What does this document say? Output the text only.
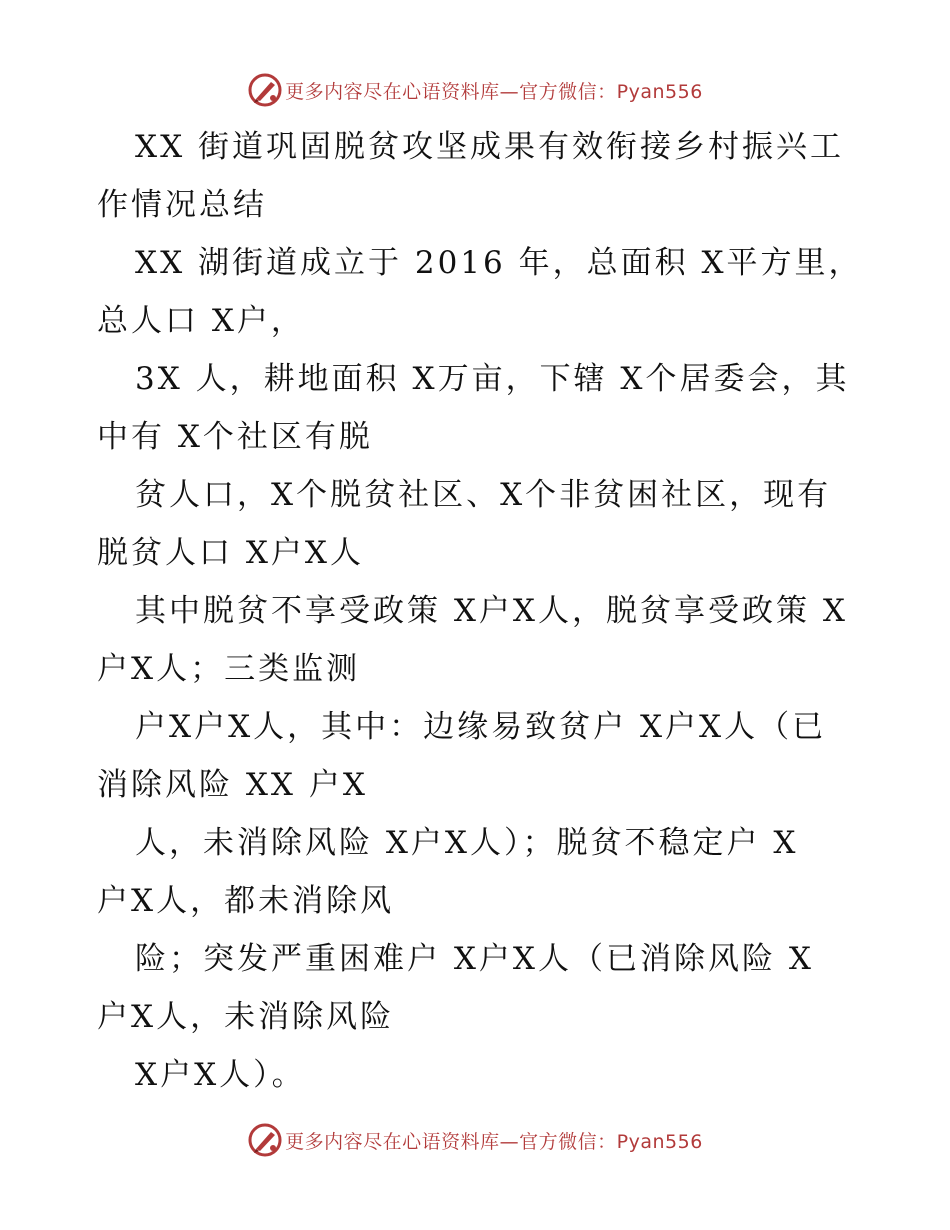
更多内容尽在心语资料库—官方微信：Pyan556

XX 街道巩固脱贫攻坚成果有效衔接乡村振兴工
作情况总结

XX 湖街道成立于 2016 年，总面积 X平方里，
总人口 X户，

3X 人，耕地面积 X万亩，下辖 X个居委会，其
中有 X个社区有脱

贫人口，X个脱贫社区、X个非贫困社区，现有
脱贫人口 X户X人

其中脱贫不享受政策 X户X人，脱贫享受政策 X
户X人；三类监测

户X户X人，其中：边缘易致贫户 X户X人（已
消除风险 XX 户X

人，未消除风险 X户X人）；脱贫不稳定户 X
户X人，都未消除风

险；突发严重困难户 X户X人（已消除风险 X
户X人，未消除风险

X户X人）。

更多内容尽在心语资料库—官方微信：Pyan556
